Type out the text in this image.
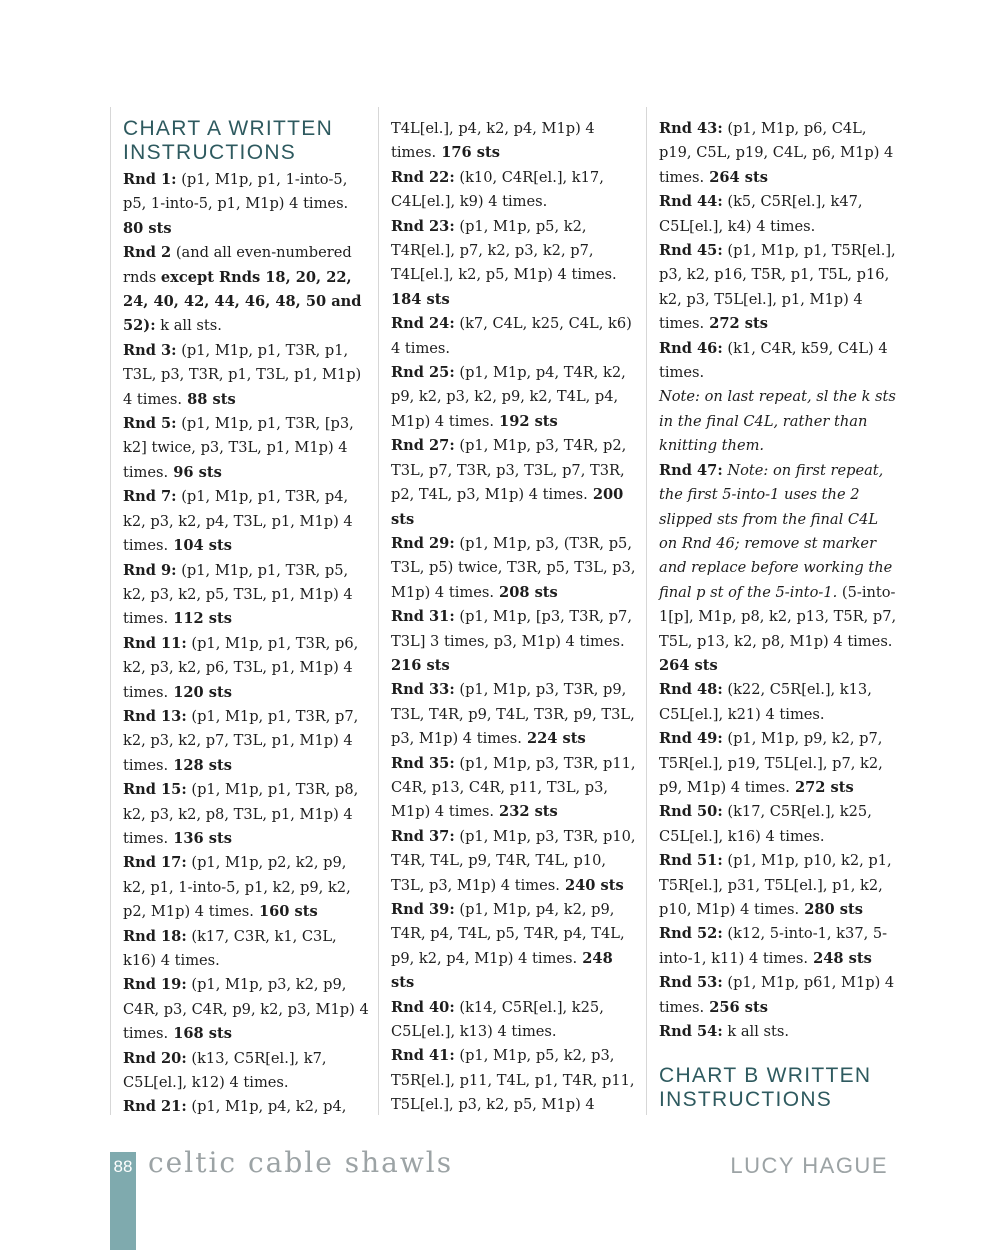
CHART A WRITTEN
INSTRUCTIONS

Rnd 1: (p1, M1p, p1, 1-into-5, p5, 1-into-5, p1, M1p) 4 times. 80 sts

Rnd 2 (and all even-numbered rnds except Rnds 18, 20, 22, 24, 40, 42, 44, 46, 48, 50 and 52): k all sts.

Rnd 3: (p1, M1p, p1, T3R, p1, T3L, p3, T3R, p1, T3L, p1, M1p) 4 times. 88 sts

Rnd 5: (p1, M1p, p1, T3R, [p3, k2] twice, p3, T3L, p1, M1p) 4 times. 96 sts

Rnd 7: (p1, M1p, p1, T3R, p4, k2, p3, k2, p4, T3L, p1, M1p) 4 times. 104 sts

Rnd 9: (p1, M1p, p1, T3R, p5, k2, p3, k2, p5, T3L, p1, M1p) 4 times. 112 sts

Rnd 11: (p1, M1p, p1, T3R, p6, k2, p3, k2, p6, T3L, p1, M1p) 4 times. 120 sts

Rnd 13: (p1, M1p, p1, T3R, p7, k2, p3, k2, p7, T3L, p1, M1p) 4 times. 128 sts

Rnd 15: (p1, M1p, p1, T3R, p8, k2, p3, k2, p8, T3L, p1, M1p) 4 times. 136 sts

Rnd 17: (p1, M1p, p2, k2, p9, k2, p1, 1-into-5, p1, k2, p9, k2, p2, M1p) 4 times. 160 sts

Rnd 18: (k17, C3R, k1, C3L, k16) 4 times.

Rnd 19: (p1, M1p, p3, k2, p9, C4R, p3, C4R, p9, k2, p3, M1p) 4 times. 168 sts

Rnd 20: (k13, C5R[el.], k7, C5L[el.], k12) 4 times.

Rnd 21: (p1, M1p, p4, k2, p4,

T4L[el.], p4, k2, p4, M1p) 4 times. 176 sts

Rnd 22: (k10, C4R[el.], k17, C4L[el.], k9) 4 times.

Rnd 23: (p1, M1p, p5, k2, T4R[el.], p7, k2, p3, k2, p7, T4L[el.], k2, p5, M1p) 4 times. 184 sts

Rnd 24: (k7, C4L, k25, C4L, k6) 4 times.

Rnd 25: (p1, M1p, p4, T4R, k2, p9, k2, p3, k2, p9, k2, T4L, p4, M1p) 4 times. 192 sts

Rnd 27: (p1, M1p, p3, T4R, p2, T3L, p7, T3R, p3, T3L, p7, T3R, p2, T4L, p3, M1p) 4 times. 200 sts

Rnd 29: (p1, M1p, p3, (T3R, p5, T3L, p5) twice, T3R, p5, T3L, p3, M1p) 4 times. 208 sts

Rnd 31: (p1, M1p, [p3, T3R, p7, T3L] 3 times, p3, M1p) 4 times. 216 sts

Rnd 33: (p1, M1p, p3, T3R, p9, T3L, T4R, p9, T4L, T3R, p9, T3L, p3, M1p) 4 times. 224 sts

Rnd 35: (p1, M1p, p3, T3R, p11, C4R, p13, C4R, p11, T3L, p3, M1p) 4 times. 232 sts

Rnd 37: (p1, M1p, p3, T3R, p10, T4R, T4L, p9, T4R, T4L, p10, T3L, p3, M1p) 4 times. 240 sts

Rnd 39: (p1, M1p, p4, k2, p9, T4R, p4, T4L, p5, T4R, p4, T4L, p9, k2, p4, M1p) 4 times. 248 sts

Rnd 40: (k14, C5R[el.], k25, C5L[el.], k13) 4 times.

Rnd 41: (p1, M1p, p5, k2, p3, T5R[el.], p11, T4L, p1, T4R, p11, T5L[el.], p3, k2, p5, M1p) 4

Rnd 43: (p1, M1p, p6, C4L, p19, C5L, p19, C4L, p6, M1p) 4 times. 264 sts

Rnd 44: (k5, C5R[el.], k47, C5L[el.], k4) 4 times.

Rnd 45: (p1, M1p, p1, T5R[el.], p3, k2, p16, T5R, p1, T5L, p16, k2, p3, T5L[el.], p1, M1p) 4 times. 272 sts

Rnd 46: (k1, C4R, k59, C4L) 4 times.

Note: on last repeat, sl the k sts in the final C4L, rather than knitting them.

Rnd 47: Note: on first repeat, the first 5-into-1 uses the 2 slipped sts from the final C4L on Rnd 46; remove st marker and replace before working the final p st of the 5-into-1. (5-into-1[p], M1p, p8, k2, p13, T5R, p7, T5L, p13, k2, p8, M1p) 4 times. 264 sts

Rnd 48: (k22, C5R[el.], k13, C5L[el.], k21) 4 times.

Rnd 49: (p1, M1p, p9, k2, p7, T5R[el.], p19, T5L[el.], p7, k2, p9, M1p) 4 times. 272 sts

Rnd 50: (k17, C5R[el.], k25, C5L[el.], k16) 4 times.

Rnd 51: (p1, M1p, p10, k2, p1, T5R[el.], p31, T5L[el.], p1, k2, p10, M1p) 4 times. 280 sts

Rnd 52: (k12, 5-into-1, k37, 5-into-1, k11) 4 times. 248 sts

Rnd 53: (p1, M1p, p61, M1p) 4 times. 256 sts

Rnd 54: k all sts.

CHART B WRITTEN
INSTRUCTIONS

88 celtic cable shawls	LUCY HAGUE
